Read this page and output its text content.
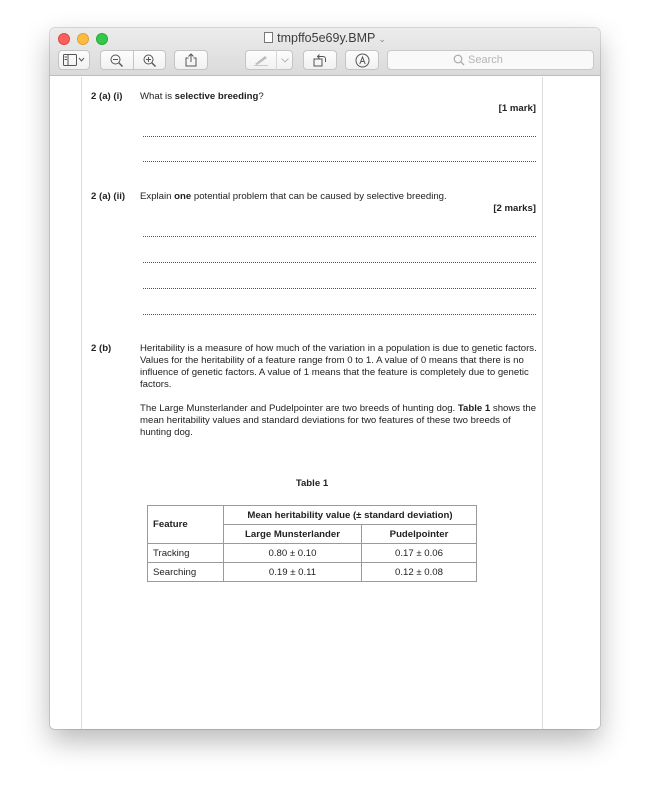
tmpffo5e69y.BMP ⌄
Search
2 (a) (i) What is selective breeding?
[1 mark]
2 (a) (ii) Explain one potential problem that can be caused by selective breeding.
[2 marks]
2 (b)	Heritability is a measure of how much of the variation in a population is due to genetic factors. Values for the heritability of a feature range from 0 to 1. A value of 0 means that there is no influence of genetic factors. A value of 1 means that the feature is completely due to genetic factors.
The Large Munsterlander and Pudelpointer are two breeds of hunting dog. Table 1 shows the mean heritability values and standard deviations for two features of these two breeds of hunting dog.
Table 1
Feature	Mean heritability value (± standard deviation)	
	Large Munsterlander	Pudelpointer
Tracking	0.80 ± 0.10	0.17 ± 0.06
Searching	0.19 ± 0.11	0.12 ± 0.08
